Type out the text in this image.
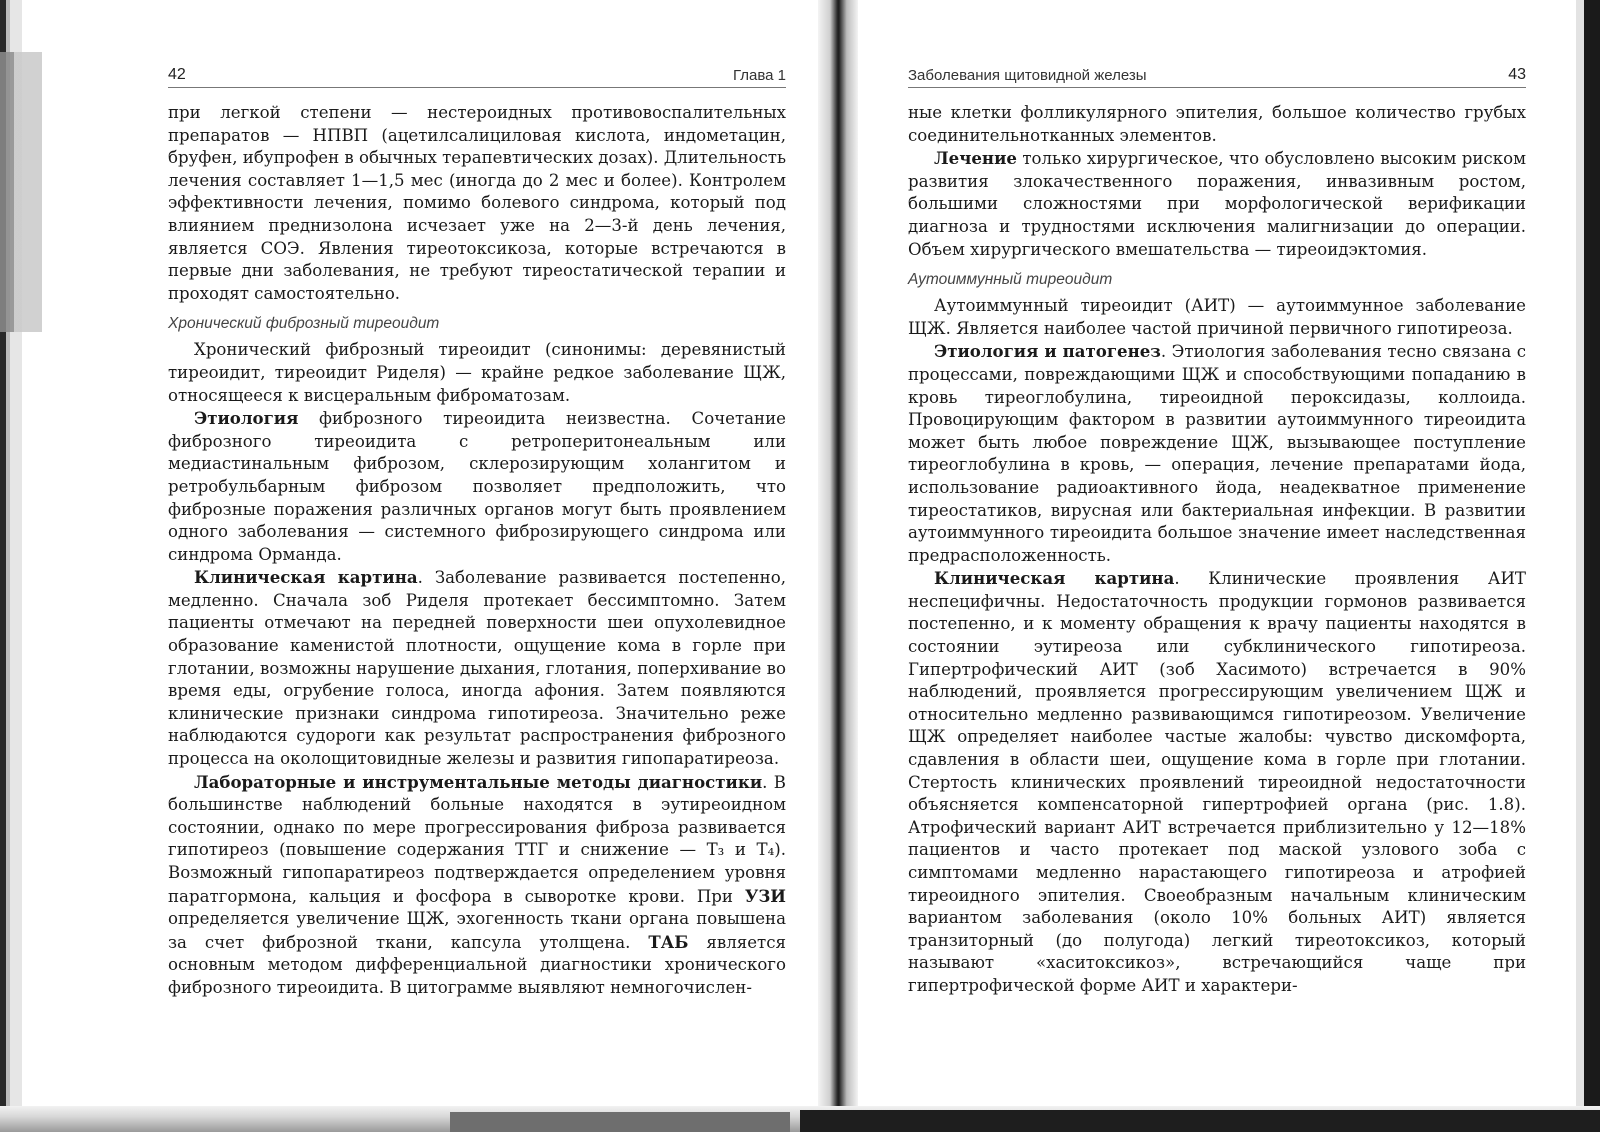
42	Глава 1

при легкой степени — нестероидных противовоспалительных препаратов — НПВП (ацетилсалициловая кислота, индометацин, бруфен, ибупрофен в обычных терапевтических дозах). Длительность лечения составляет 1—1,5 мес (иногда до 2 мес и более). Контролем эффективности лечения, помимо болевого синдрома, который под влиянием преднизолона исчезает уже на 2—3-й день лечения, является СОЭ. Явления тиреотоксикоза, которые встречаются в первые дни заболевания, не требуют тиреостатической терапии и проходят самостоятельно.

Хронический фиброзный тиреоидит

Хронический фиброзный тиреоидит (синонимы: деревянистый тиреоидит, тиреоидит Риделя) — крайне редкое заболевание ЩЖ, относящееся к висцеральным фиброматозам.

Этиология фиброзного тиреоидита неизвестна. Сочетание фиброзного тиреоидита с ретроперитонеальным или медиастинальным фиброзом, склерозирующим холангитом и ретробульбарным фиброзом позволяет предположить, что фиброзные поражения различных органов могут быть проявлением одного заболевания — системного фиброзирующего синдрома или синдрома Орманда.

Клиническая картина. Заболевание развивается постепенно, медленно. Сначала зоб Риделя протекает бессимптомно. Затем пациенты отмечают на передней поверхности шеи опухолевидное образование каменистой плотности, ощущение кома в горле при глотании, возможны нарушение дыхания, глотания, поперхивание во время еды, огрубение голоса, иногда афония. Затем появляются клинические признаки синдрома гипотиреоза. Значительно реже наблюдаются судороги как результат распространения фиброзного процесса на околощитовидные железы и развития гипопаратиреоза.

Лабораторные и инструментальные методы диагностики. В большинстве наблюдений больные находятся в эутиреоидном состоянии, однако по мере прогрессирования фиброза развивается гипотиреоз (повышение содержания ТТГ и снижение — Т₃ и Т₄). Возможный гипопаратиреоз подтверждается определением уровня паратгормона, кальция и фосфора в сыворотке крови. При УЗИ определяется увеличение ЩЖ, эхогенность ткани органа повышена за счет фиброзной ткани, капсула утолщена. ТАБ является основным методом дифференциальной диагностики хронического фиброзного тиреоидита. В цитограмме выявляют немногочислен-

Заболевания щитовидной железы	43

ные клетки фолликулярного эпителия, большое количество грубых соединительнотканных элементов.

Лечение только хирургическое, что обусловлено высоким риском развития злокачественного поражения, инвазивным ростом, большими сложностями при морфологической верификации диагноза и трудностями исключения малигнизации до операции. Объем хирургического вмешательства — тиреоидэктомия.

Аутоиммунный тиреоидит

Аутоиммунный тиреоидит (АИТ) — аутоиммунное заболевание ЩЖ. Является наиболее частой причиной первичного гипотиреоза.

Этиология и патогенез. Этиология заболевания тесно связана с процессами, повреждающими ЩЖ и способствующими попаданию в кровь тиреоглобулина, тиреоидной пероксидазы, коллоида. Провоцирующим фактором в развитии аутоиммунного тиреоидита может быть любое повреждение ЩЖ, вызывающее поступление тиреоглобулина в кровь, — операция, лечение препаратами йода, использование радиоактивного йода, неадекватное применение тиреостатиков, вирусная или бактериальная инфекции. В развитии аутоиммунного тиреоидита большое значение имеет наследственная предрасположенность.

Клиническая картина. Клинические проявления АИТ неспецифичны. Недостаточность продукции гормонов развивается постепенно, и к моменту обращения к врачу пациенты находятся в состоянии эутиреоза или субклинического гипотиреоза. Гипертрофический АИТ (зоб Хасимото) встречается в 90% наблюдений, проявляется прогрессирующим увеличением ЩЖ и относительно медленно развивающимся гипотиреозом. Увеличение ЩЖ определяет наиболее частые жалобы: чувство дискомфорта, сдавления в области шеи, ощущение кома в горле при глотании. Стертость клинических проявлений тиреоидной недостаточности объясняется компенсаторной гипертрофией органа (рис. 1.8). Атрофический вариант АИТ встречается приблизительно у 12—18% пациентов и часто протекает под маской узлового зоба с симптомами медленно нарастающего гипотиреоза и атрофией тиреоидного эпителия. Своеобразным начальным клиническим вариантом заболевания (около 10% больных АИТ) является транзиторный (до полугода) легкий тиреотоксикоз, который называют «хаситоксикоз», встречающийся чаще при гипертрофической форме АИТ и характери-
